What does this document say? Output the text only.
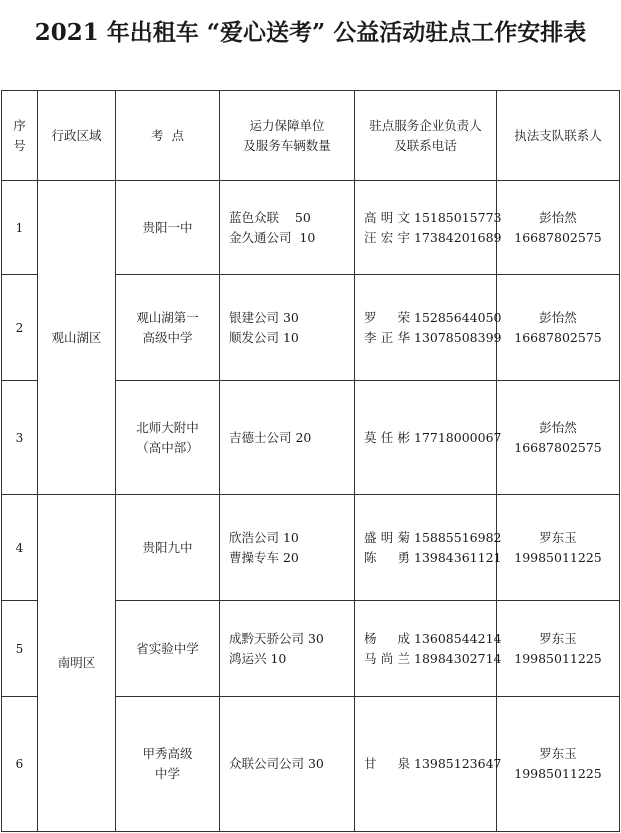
2021 年出租车 “爱心送考” 公益活动驻点工作安排表
序
号	行政区域	考  点	运力保障单位
及服务车辆数量	驻点服务企业负责人
及联系电话	执法支队联系人
1	观山湖区	贵阳一中	蓝色众联    50
金久通公司  10	高明文 15185015773
汪宏宇 17384201689	彭怡然
16687802575

2		观山湖第一
高级中学	银建公司 30
顺发公司 10	罗 荣 15285644050
李正华 13078508399	彭怡然
16687802575

3		北师大附中
（高中部）	吉德士公司 20	莫任彬 17718000067	彭怡然
16687802575

4	南明区	贵阳九中	欣浩公司 10
曹操专车 20	盛明菊 15885516982
陈 勇 13984361121	罗东玉
19985011225

5		省实验中学	成黔天骄公司 30
鸿运兴 10	杨 成 13608544214
马尚兰 18984302714	罗东玉
19985011225

6		甲秀高级
中学	众联公司公司 30	甘 泉 13985123647	罗东玉
19985011225
